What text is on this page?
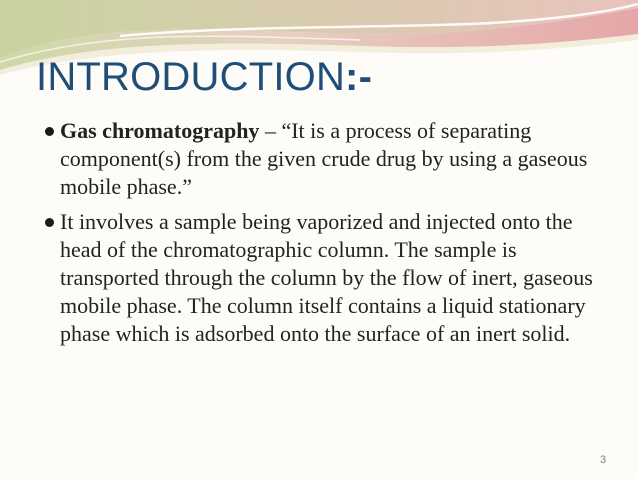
INTRODUCTION:-
Gas chromatography – “It is a process of separating component(s) from the given crude drug by using a gaseous mobile phase.”
It involves a sample being vaporized and injected onto the head of the chromatographic column. The sample is transported through the column by the flow of inert, gaseous mobile phase. The column itself contains a liquid stationary phase which is adsorbed onto the surface of an inert solid.
3
